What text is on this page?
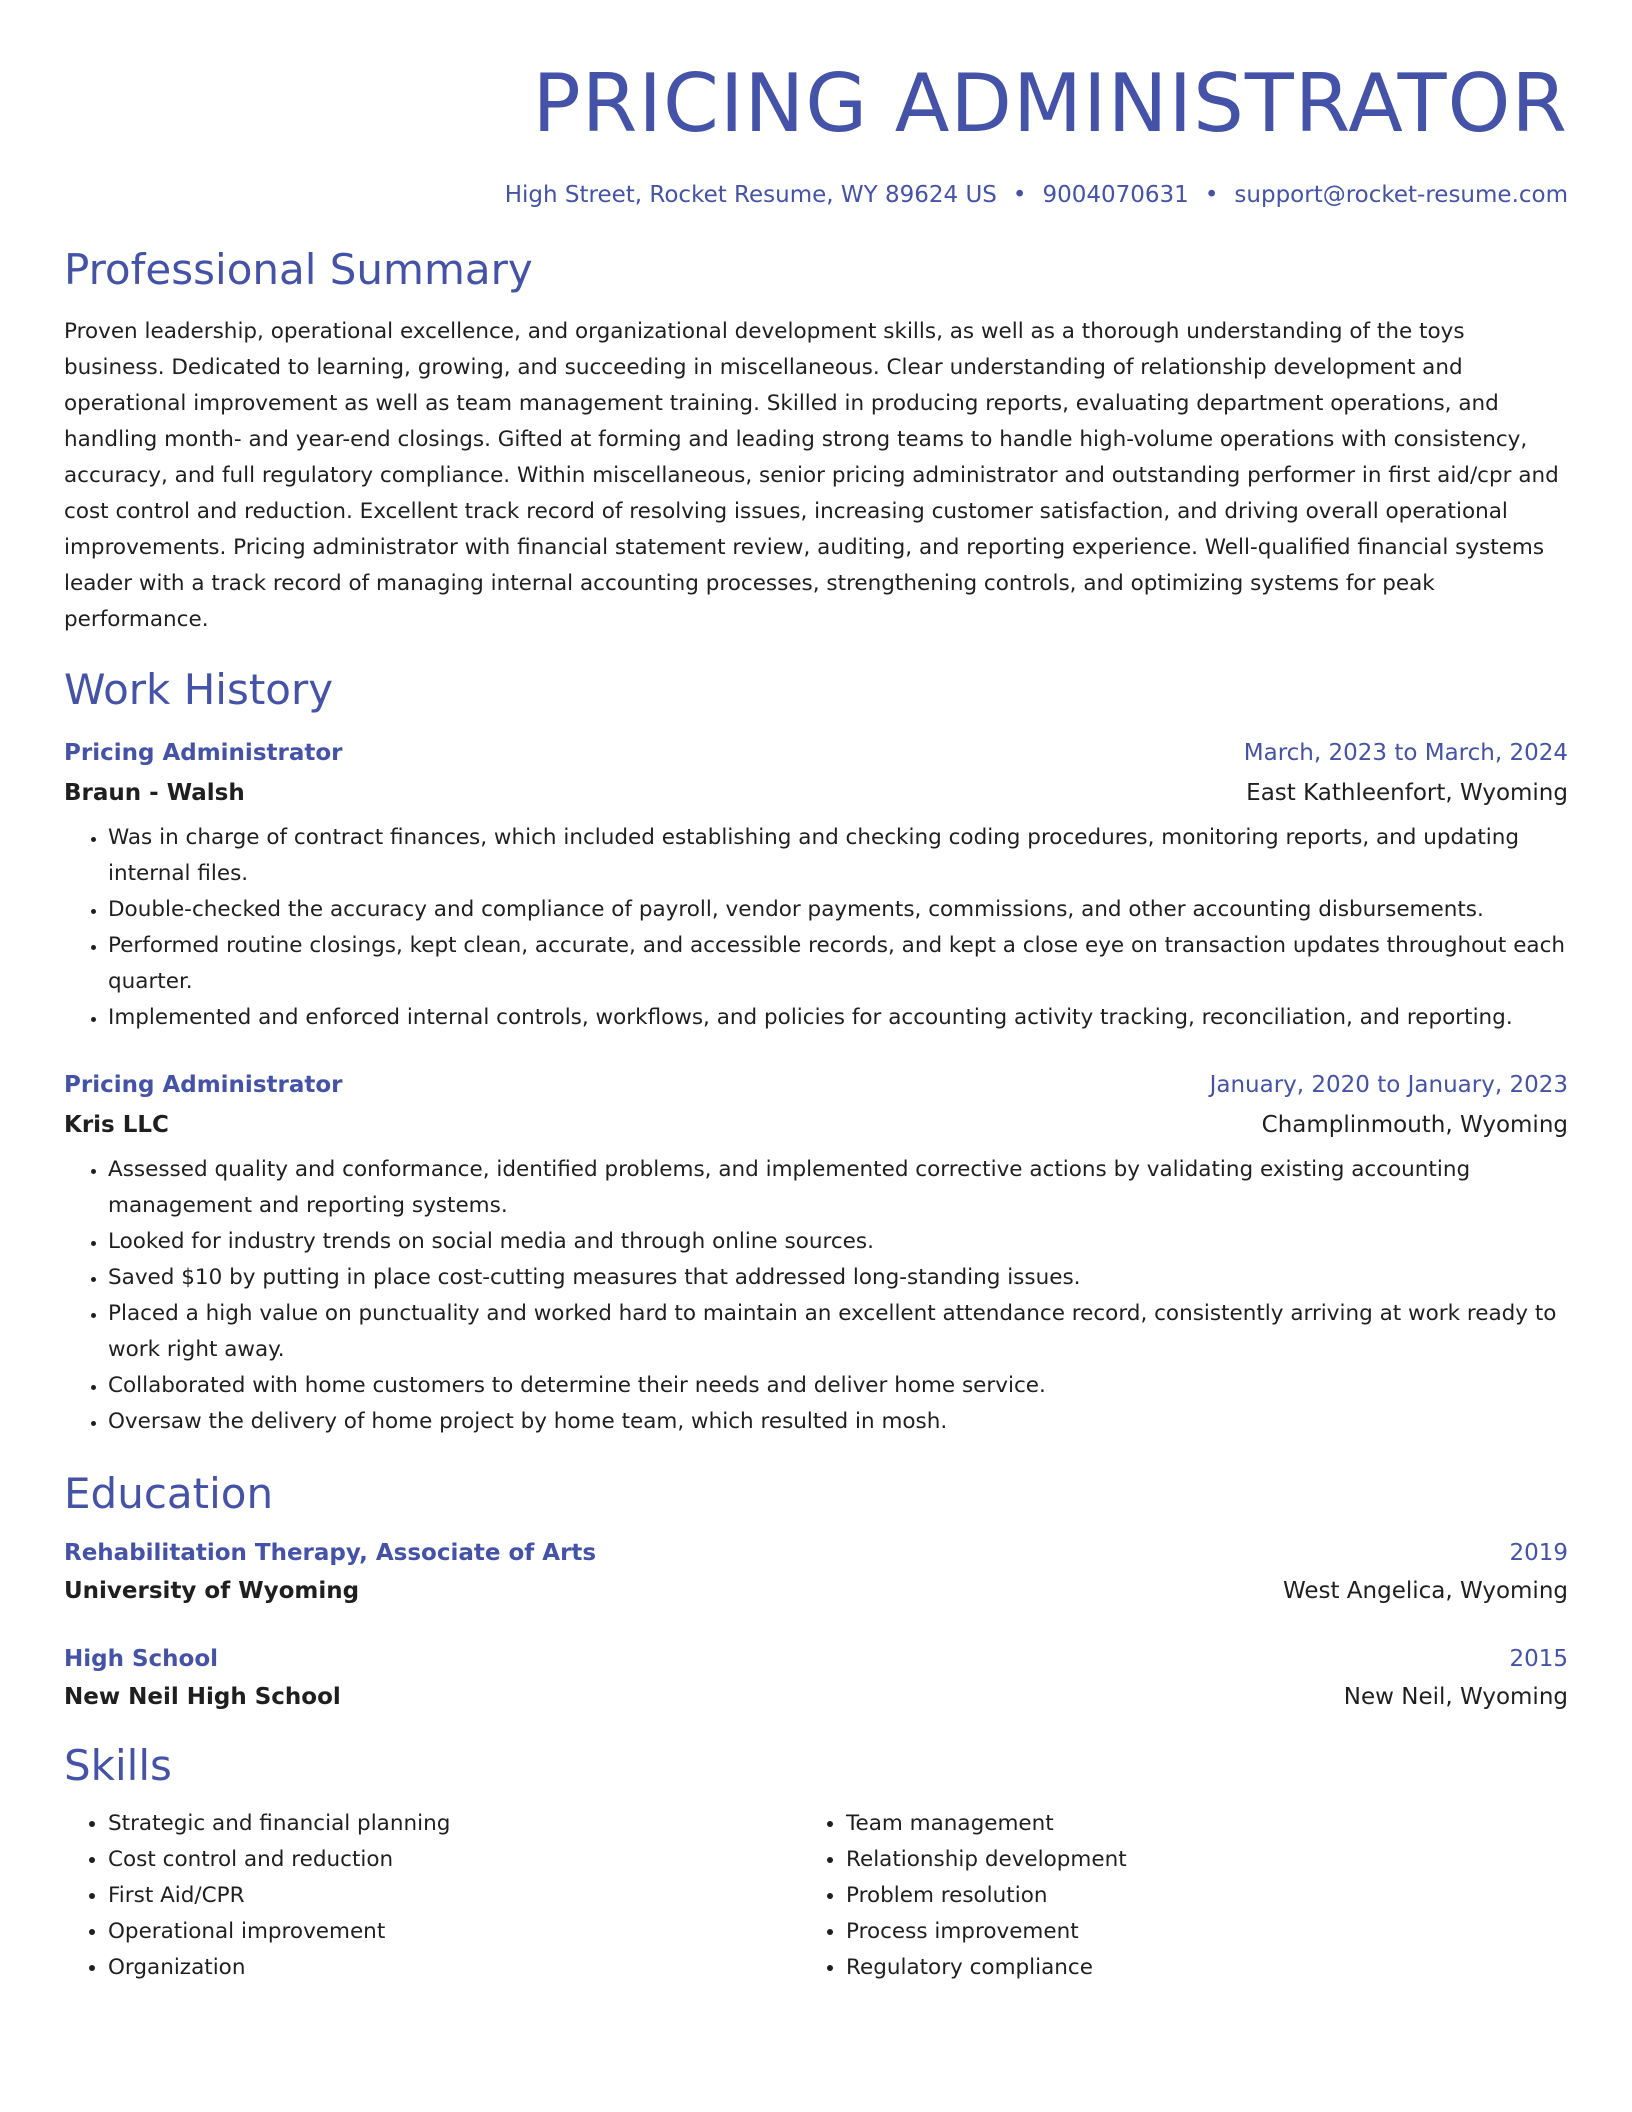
PRICING ADMINISTRATOR
High Street, Rocket Resume, WY 89624 US • 9004070631 • support@rocket-resume.com
Professional Summary

Proven leadership, operational excellence, and organizational development skills, as well as a thorough understanding of the toys business. Dedicated to learning, growing, and succeeding in miscellaneous. Clear understanding of relationship development and operational improvement as well as team management training. Skilled in producing reports, evaluating department operations, and handling month- and year-end closings. Gifted at forming and leading strong teams to handle high-volume operations with consistency, accuracy, and full regulatory compliance. Within miscellaneous, senior pricing administrator and outstanding performer in first aid/cpr and cost control and reduction. Excellent track record of resolving issues, increasing customer satisfaction, and driving overall operational improvements. Pricing administrator with financial statement review, auditing, and reporting experience. Well-qualified financial systems leader with a track record of managing internal accounting processes, strengthening controls, and optimizing systems for peak performance.

Work History
Pricing Administrator	March, 2023 to March, 2024
Braun - Walsh	East Kathleenfort, Wyoming
• Was in charge of contract finances, which included establishing and checking coding procedures, monitoring reports, and updating internal files.
• Double-checked the accuracy and compliance of payroll, vendor payments, commissions, and other accounting disbursements.
• Performed routine closings, kept clean, accurate, and accessible records, and kept a close eye on transaction updates throughout each quarter.
• Implemented and enforced internal controls, workflows, and policies for accounting activity tracking, reconciliation, and reporting.
Pricing Administrator	January, 2020 to January, 2023
Kris LLC	Champlinmouth, Wyoming
• Assessed quality and conformance, identified problems, and implemented corrective actions by validating existing accounting management and reporting systems.
• Looked for industry trends on social media and through online sources.
• Saved $10 by putting in place cost-cutting measures that addressed long-standing issues.
• Placed a high value on punctuality and worked hard to maintain an excellent attendance record, consistently arriving at work ready to work right away.
• Collaborated with home customers to determine their needs and deliver home service.
• Oversaw the delivery of home project by home team, which resulted in mosh.
Education
Rehabilitation Therapy, Associate of Arts	2019
University of Wyoming	West Angelica, Wyoming
High School	2015
New Neil High School	New Neil, Wyoming
Skills
• Strategic and financial planning
• Cost control and reduction
• First Aid/CPR
• Operational improvement
• Organization
• Team management
• Relationship development
• Problem resolution
• Process improvement
• Regulatory compliance
